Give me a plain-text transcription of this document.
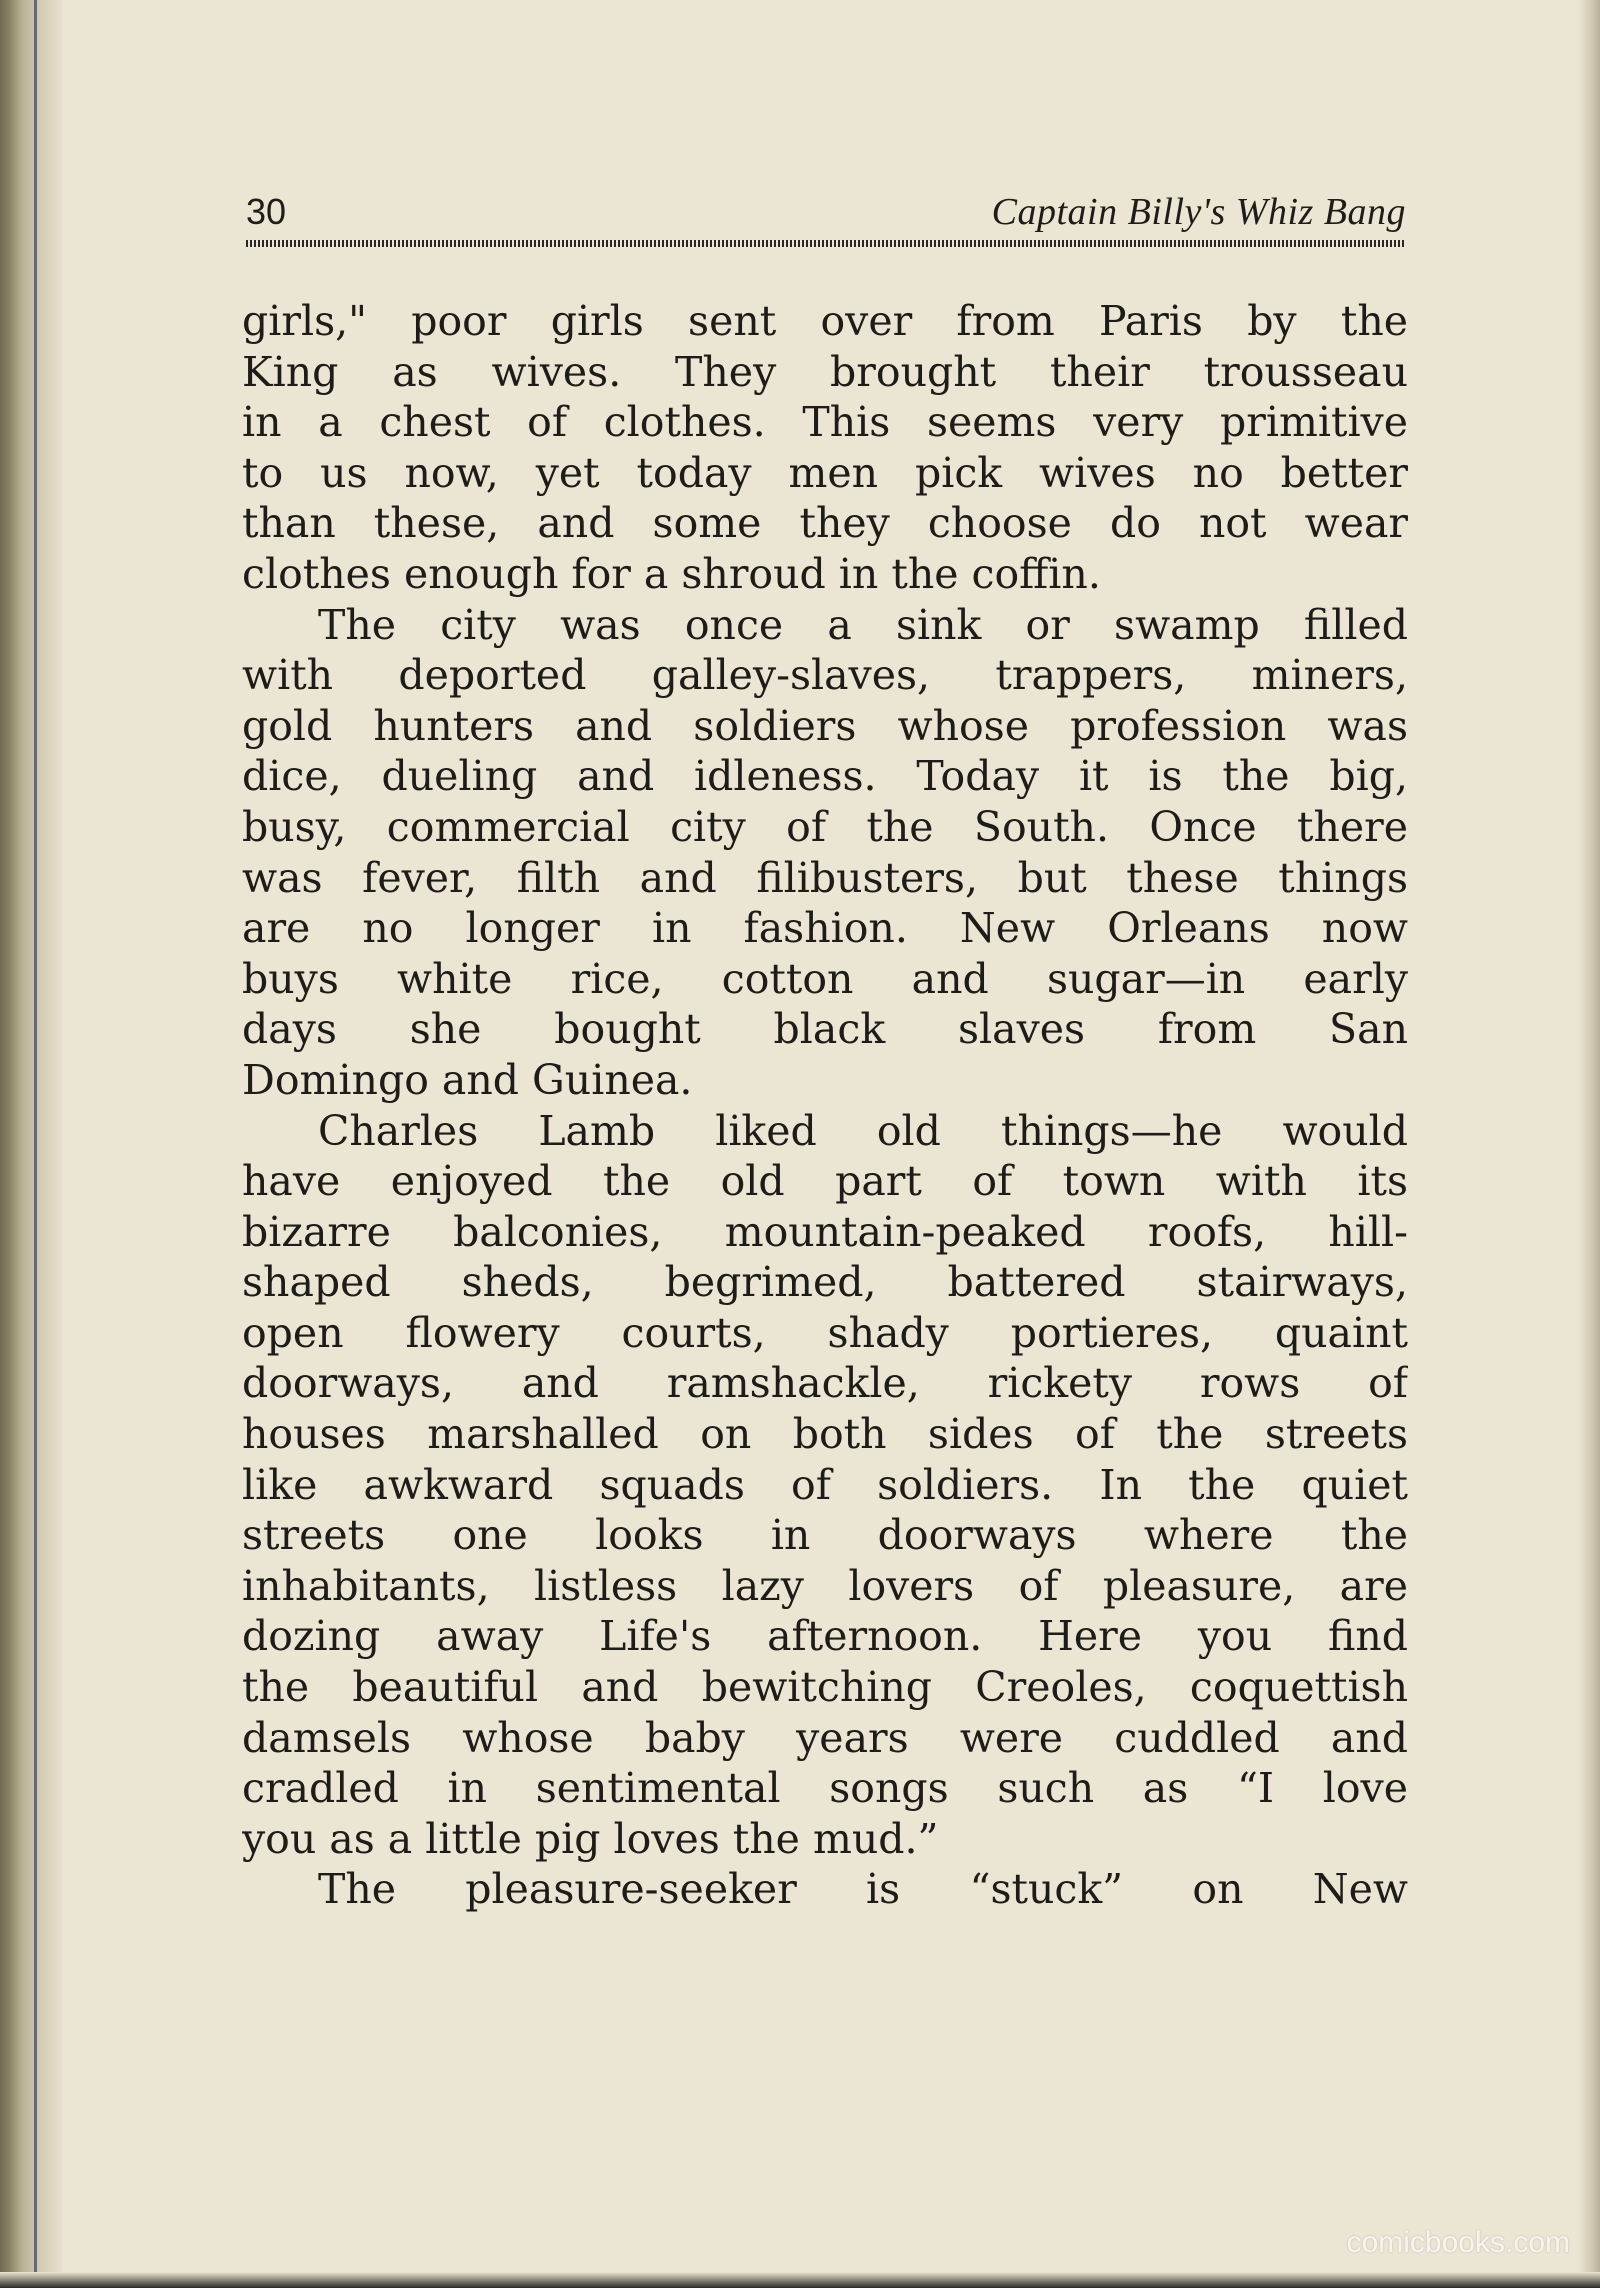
30	Captain Billy's Whiz Bang
girls," poor girls sent over from Paris by the
King as wives. They brought their trousseau
in a chest of clothes. This seems very primitive
to us now, yet today men pick wives no better
than these, and some they choose do not wear
clothes enough for a shroud in the coffin.
The city was once a sink or swamp filled
with deported galley-slaves, trappers, miners,
gold hunters and soldiers whose profession was
dice, dueling and idleness. Today it is the big,
busy, commercial city of the South. Once there
was fever, filth and filibusters, but these things
are no longer in fashion. New Orleans now
buys white rice, cotton and sugar—in early
days she bought black slaves from San
Domingo and Guinea.
Charles Lamb liked old things—he would
have enjoyed the old part of town with its
bizarre balconies, mountain-peaked roofs, hill-
shaped sheds, begrimed, battered stairways,
open flowery courts, shady portieres, quaint
doorways, and ramshackle, rickety rows of
houses marshalled on both sides of the streets
like awkward squads of soldiers. In the quiet
streets one looks in doorways where the
inhabitants, listless lazy lovers of pleasure, are
dozing away Life's afternoon. Here you find
the beautiful and bewitching Creoles, coquettish
damsels whose baby years were cuddled and
cradled in sentimental songs such as “I love
you as a little pig loves the mud.”
The pleasure-seeker is “stuck” on New
comicbooks.com
